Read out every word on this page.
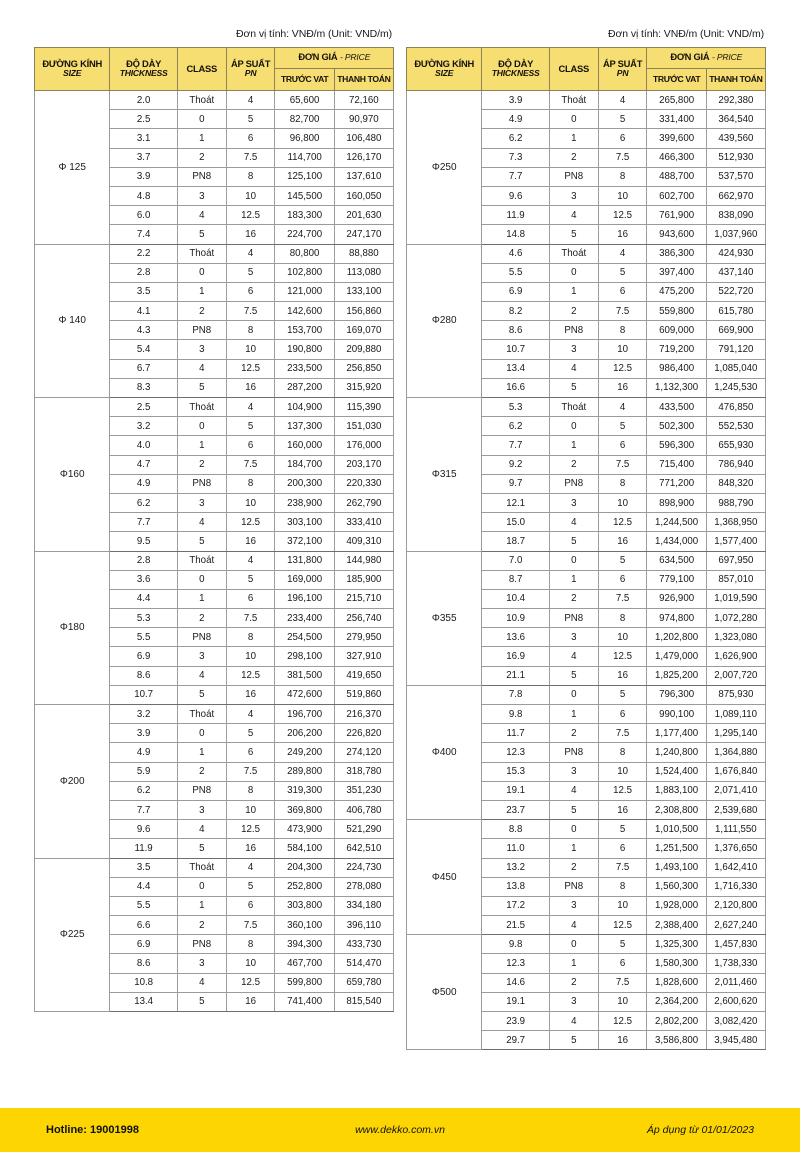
Đơn vị tính: VNĐ/m (Unit: VND/m)
ĐƯỜNG KÍNH
SIZE	ĐỘ DÀY
THICKNESS	CLASS	ÁP SUẤT
PN	ĐƠN GIÁ - PRICE	
				TRƯỚC VAT	THANH TOÁN
Φ 125	2.0	Thoát	4	65,600	72,160
	2.5	0	5	82,700	90,970
	3.1	1	6	96,800	106,480
	3.7	2	7.5	114,700	126,170
	3.9	PN8	8	125,100	137,610
	4.8	3	10	145,500	160,050
	6.0	4	12.5	183,300	201,630
	7.4	5	16	224,700	247,170
Φ 140	2.2	Thoát	4	80,800	88,880
	2.8	0	5	102,800	113,080
	3.5	1	6	121,000	133,100
	4.1	2	7.5	142,600	156,860
	4.3	PN8	8	153,700	169,070
	5.4	3	10	190,800	209,880
	6.7	4	12.5	233,500	256,850
	8.3	5	16	287,200	315,920
Φ160	2.5	Thoát	4	104,900	115,390
	3.2	0	5	137,300	151,030
	4.0	1	6	160,000	176,000
	4.7	2	7.5	184,700	203,170
	4.9	PN8	8	200,300	220,330
	6.2	3	10	238,900	262,790
	7.7	4	12.5	303,100	333,410
	9.5	5	16	372,100	409,310
Φ180	2.8	Thoát	4	131,800	144,980
	3.6	0	5	169,000	185,900
	4.4	1	6	196,100	215,710
	5.3	2	7.5	233,400	256,740
	5.5	PN8	8	254,500	279,950
	6.9	3	10	298,100	327,910
	8.6	4	12.5	381,500	419,650
	10.7	5	16	472,600	519,860
Φ200	3.2	Thoát	4	196,700	216,370
	3.9	0	5	206,200	226,820
	4.9	1	6	249,200	274,120
	5.9	2	7.5	289,800	318,780
	6.2	PN8	8	319,300	351,230
	7.7	3	10	369,800	406,780
	9.6	4	12.5	473,900	521,290
	11.9	5	16	584,100	642,510
Φ225	3.5	Thoát	4	204,300	224,730
	4.4	0	5	252,800	278,080
	5.5	1	6	303,800	334,180
	6.6	2	7.5	360,100	396,110
	6.9	PN8	8	394,300	433,730
	8.6	3	10	467,700	514,470
	10.8	4	12.5	599,800	659,780
	13.4	5	16	741,400	815,540
Đơn vị tính: VNĐ/m (Unit: VND/m)
ĐƯỜNG KÍNH
SIZE	ĐỘ DÀY
THICKNESS	CLASS	ÁP SUẤT
PN	ĐƠN GIÁ - PRICE	
				TRƯỚC VAT	THANH TOÁN
Φ250	3.9	Thoát	4	265,800	292,380
	4.9	0	5	331,400	364,540
	6.2	1	6	399,600	439,560
	7.3	2	7.5	466,300	512,930
	7.7	PN8	8	488,700	537,570
	9.6	3	10	602,700	662,970
	11.9	4	12.5	761,900	838,090
	14.8	5	16	943,600	1,037,960
Φ280	4.6	Thoát	4	386,300	424,930
	5.5	0	5	397,400	437,140
	6.9	1	6	475,200	522,720
	8.2	2	7.5	559,800	615,780
	8.6	PN8	8	609,000	669,900
	10.7	3	10	719,200	791,120
	13.4	4	12.5	986,400	1,085,040
	16.6	5	16	1,132,300	1,245,530
Φ315	5.3	Thoát	4	433,500	476,850
	6.2	0	5	502,300	552,530
	7.7	1	6	596,300	655,930
	9.2	2	7.5	715,400	786,940
	9.7	PN8	8	771,200	848,320
	12.1	3	10	898,900	988,790
	15.0	4	12.5	1,244,500	1,368,950
	18.7	5	16	1,434,000	1,577,400
Φ355	7.0	0	5	634,500	697,950
	8.7	1	6	779,100	857,010
	10.4	2	7.5	926,900	1,019,590
	10.9	PN8	8	974,800	1,072,280
	13.6	3	10	1,202,800	1,323,080
	16.9	4	12.5	1,479,000	1,626,900
	21.1	5	16	1,825,200	2,007,720
Φ400	7.8	0	5	796,300	875,930
	9.8	1	6	990,100	1,089,110
	11.7	2	7.5	1,177,400	1,295,140
	12.3	PN8	8	1,240,800	1,364,880
	15.3	3	10	1,524,400	1,676,840
	19.1	4	12.5	1,883,100	2,071,410
	23.7	5	16	2,308,800	2,539,680
Φ450	8.8	0	5	1,010,500	1,111,550
	11.0	1	6	1,251,500	1,376,650
	13.2	2	7.5	1,493,100	1,642,410
	13.8	PN8	8	1,560,300	1,716,330
	17.2	3	10	1,928,000	2,120,800
	21.5	4	12.5	2,388,400	2,627,240
Φ500	9.8	0	5	1,325,300	1,457,830
	12.3	1	6	1,580,300	1,738,330
	14.6	2	7.5	1,828,600	2,011,460
	19.1	3	10	2,364,200	2,600,620
	23.9	4	12.5	2,802,200	3,082,420
	29.7	5	16	3,586,800	3,945,480
Hotline: 19001998	www.dekko.com.vn	Áp dụng từ 01/01/2023
